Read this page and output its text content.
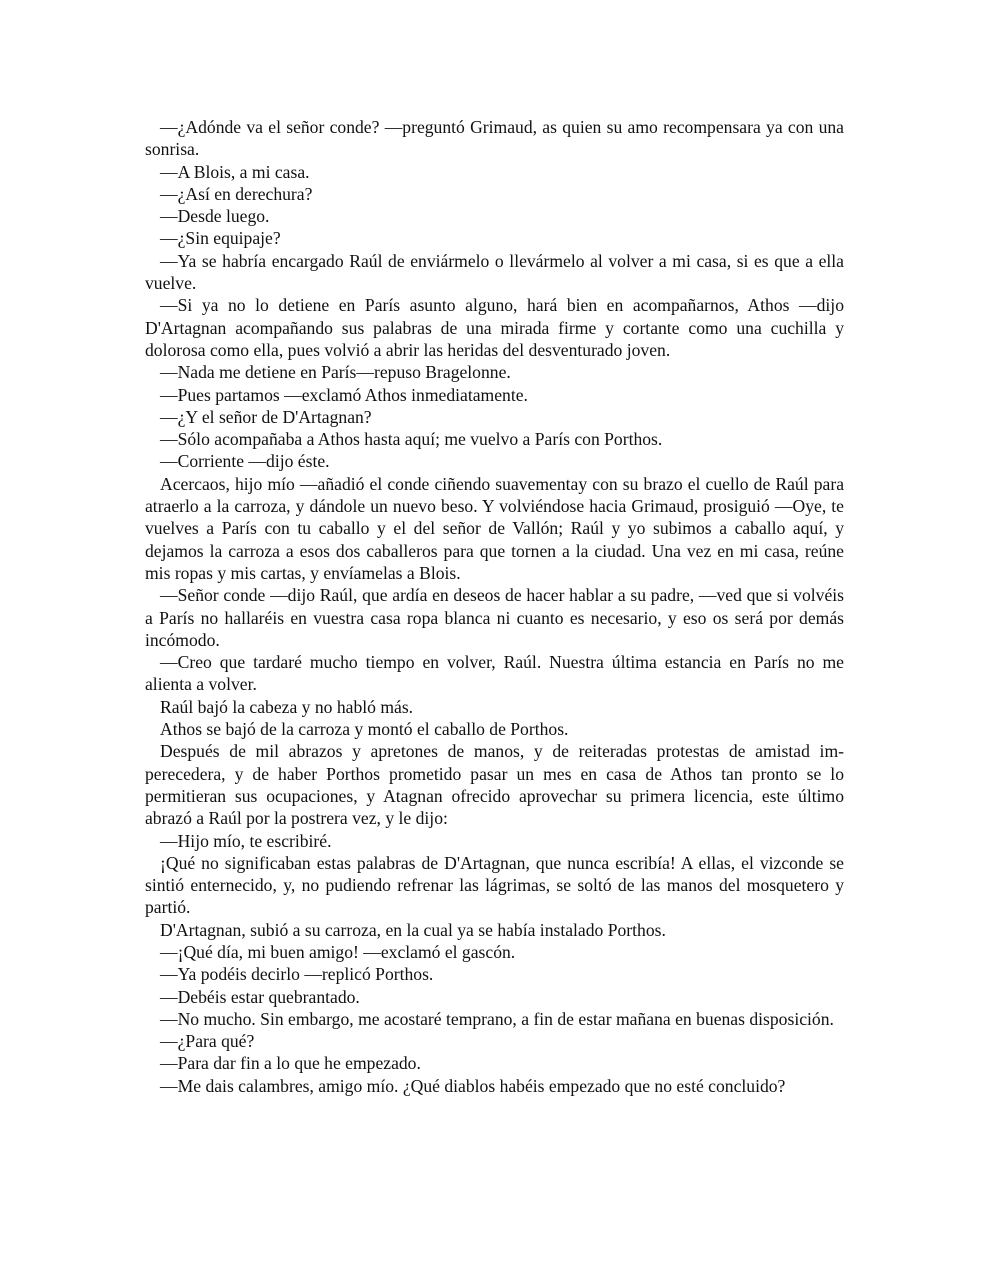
—¿Adónde va el señor conde? —preguntó Grimaud, as quien su amo recompensara ya con una sonrisa.

—A Blois, a mi casa.

—¿Así en derechura?

—Desde luego.

—¿Sin equipaje?

—Ya se habría encargado Raúl de enviármelo o llevármelo al volver a mi casa, si es que a ella vuelve.

—Si ya no lo detiene en París asunto alguno, hará bien en acompañarnos, Athos —dijo D'Artagnan acompañando sus palabras de una mirada firme y cortante como una cuchilla y dolorosa como ella, pues volvió a abrir las heridas del desventurado joven.

—Nada me detiene en París—repuso Bragelonne.

—Pues partamos —exclamó Athos inmediatamente.

—¿Y el señor de D'Artagnan?

—Sólo acompañaba a Athos hasta aquí; me vuelvo a París con Porthos.

—Corriente —dijo éste.

Acercaos, hijo mío —añadió el conde ciñendo suavementay con su brazo el cuello de Raúl para atraerlo a la carroza, y dándole un nuevo beso. Y volviéndose hacia Grimaud, prosiguió —Oye, te vuelves a París con tu caballo y el del señor de Vallón; Raúl y yo subimos a caballo aquí, y dejamos la carroza a esos dos caballeros para que tornen a la ciudad. Una vez en mi casa, reúne mis ropas y mis cartas, y envíamelas a Blois.

—Señor conde —dijo Raúl, que ardía en deseos de hacer hablar a su padre, —ved que si volvéis a París no hallaréis en vuestra casa ropa blanca ni cuanto es necesario, y eso os será por demás incómodo.

—Creo que tardaré mucho tiempo en volver, Raúl. Nuestra última estancia en París no me alienta a volver.

Raúl bajó la cabeza y no habló más.

Athos se bajó de la carroza y montó el caballo de Porthos.

Después de mil abrazos y apretones de manos, y de reiteradas protestas de amistad imperecedera, y de haber Porthos prometido pasar un mes en casa de Athos tan pronto se lo permitieran sus ocupaciones, y Atagnan ofrecido aprovechar su primera licencia, este último abrazó a Raúl por la postrera vez, y le dijo:

—Hijo mío, te escribiré.

¡Qué no significaban estas palabras de D'Artagnan, que nunca escribía! A ellas, el vizconde se sintió enternecido, y, no pudiendo refrenar las lágrimas, se soltó de las manos del mosquetero y partió.

D'Artagnan, subió a su carroza, en la cual ya se había instalado Porthos.

—¡Qué día, mi buen amigo! —exclamó el gascón.

—Ya podéis decirlo —replicó Porthos.

—Debéis estar quebrantado.

—No mucho. Sin embargo, me acostaré temprano, a fin de estar mañana en buenas disposición.

—¿Para qué?

—Para dar fin a lo que he empezado.

—Me dais calambres, amigo mío. ¿Qué diablos habéis empezado que no esté concluido?
